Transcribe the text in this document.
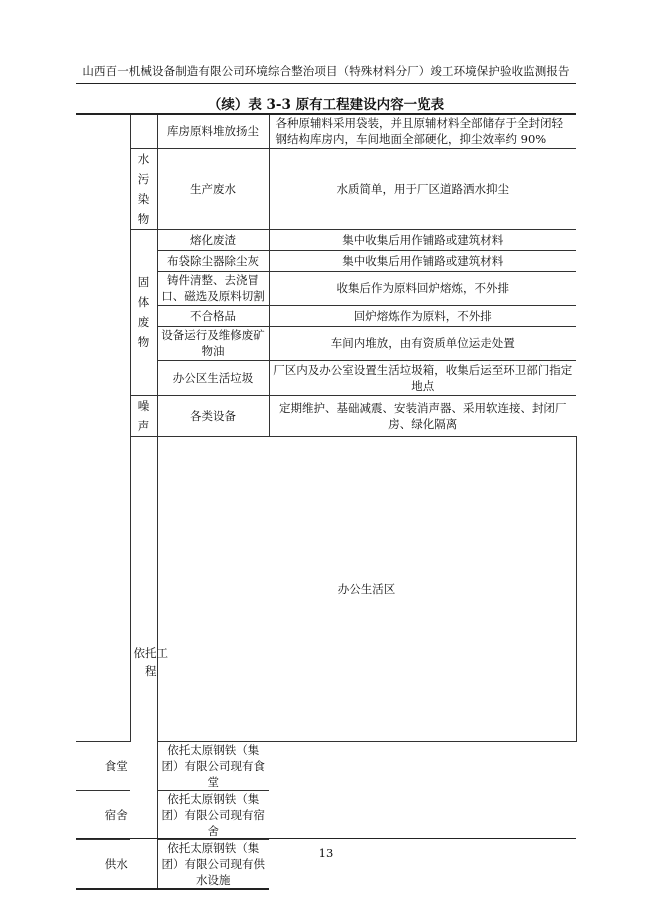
山西百一机械设备制造有限公司环境综合整治项目（特殊材料分厂）竣工环境保护验收监测报告
（续）表 3-3 原有工程建设内容一览表
		库房原料堆放扬尘	各种原辅料采用袋装，并且原辅材料全部储存于全封闭轻钢结构库房内，车间地面全部硬化，抑尘效率约 90%	

	水污染物	生产废水	水质简单，用于厂区道路洒水抑尘	

	固体废物	熔化废渣	集中收集后用作铺路或建筑材料	
		布袋除尘器除尘灰	集中收集后用作铺路或建筑材料	
		铸件清整、去浇冒口、磁选及原料切割	收集后作为原料回炉熔炼，不外排	
		不合格品	回炉熔炼作为原料，不外排	
		设备运行及维修废矿物油	车间内堆放，由有资质单位运走处置	
		办公区生活垃圾	厂区内及办公室设置生活垃圾箱，收集后运至环卫部门指定地点	

	噪声	各类设备	定期维护、基础减震、安装消声器、采用软连接、封闭厂房、绿化隔离	

	依托工程	办公生活区	
食堂		依托太原钢铁（集团）有限公司现有食堂		
宿舍		依托太原钢铁（集团）有限公司现有宿舍		
供水		依托太原钢铁（集团）有限公司现有供水设施		
13
